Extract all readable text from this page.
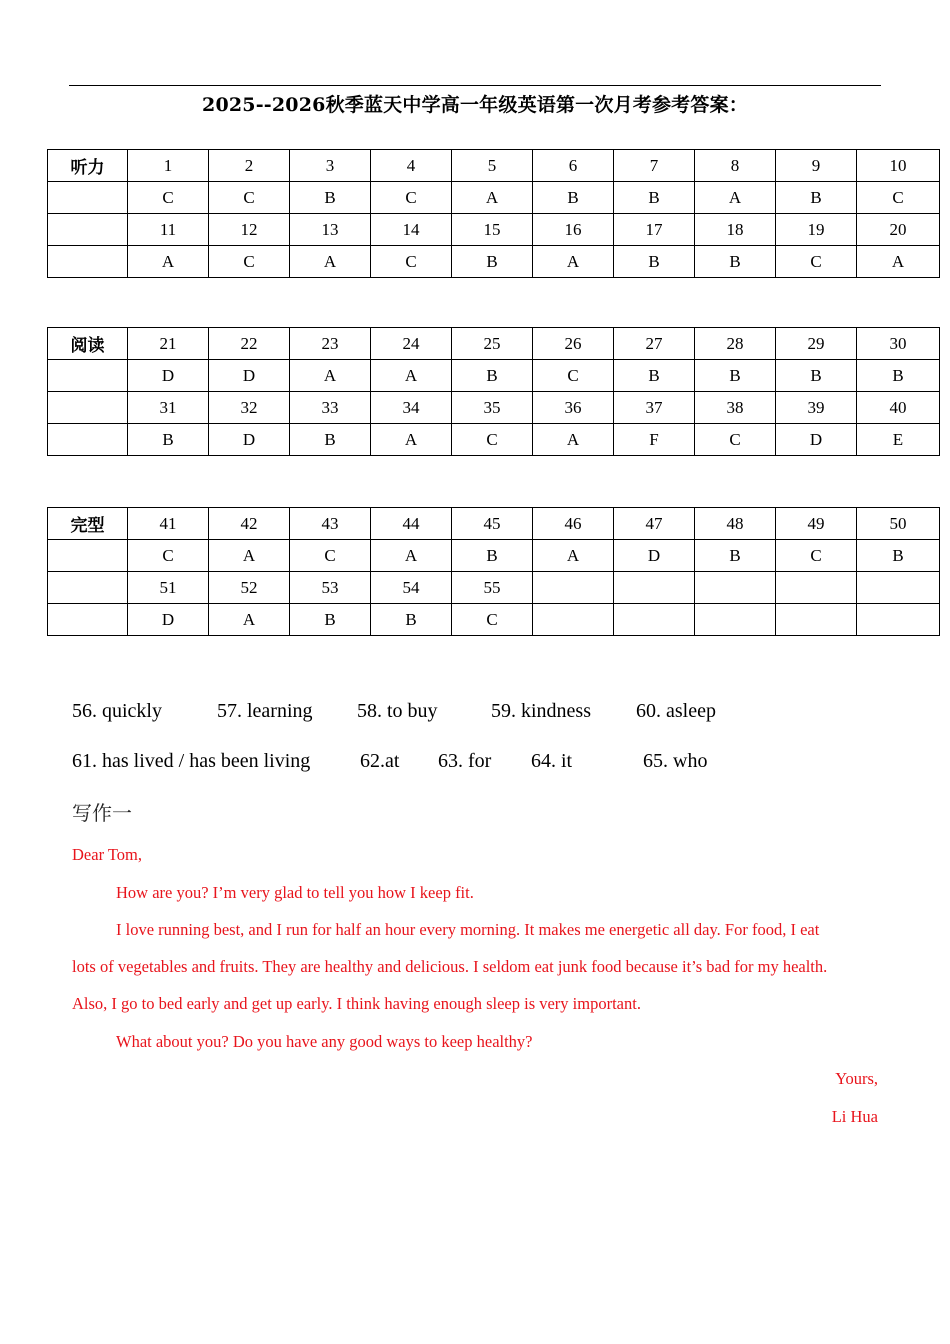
2025--2026秋季蓝天中学高一年级英语第一次月考参考答案：
听力	1	2	3	4	5	6	7	8	9	10
	C	C	B	C	A	B	B	A	B	C
	11	12	13	14	15	16	17	18	19	20
	A	C	A	C	B	A	B	B	C	A
阅读	21	22	23	24	25	26	27	28	29	30
	D	D	A	A	B	C	B	B	B	B
	31	32	33	34	35	36	37	38	39	40
	B	D	B	A	C	A	F	C	D	E
完型	41	42	43	44	45	46	47	48	49	50
	C	A	C	A	B	A	D	B	C	B
	51	52	53	54	55					
	D	A	B	B	C					
56. quickly	57. learning 58. to buy	59. kindness 60. asleep
61. has lived / has been living 62.at 63. for 64. it	65. who
写作一
Dear Tom,
How are you? I’m very glad to tell you how I keep fit.
I love running best, and I run for half an hour every morning. It makes me energetic all day. For food, I eat
lots of vegetables and fruits. They are healthy and delicious. I seldom eat junk food because it’s bad for my health.
Also, I go to bed early and get up early. I think having enough sleep is very important.
What about you? Do you have any good ways to keep healthy?
Yours,
Li Hua
